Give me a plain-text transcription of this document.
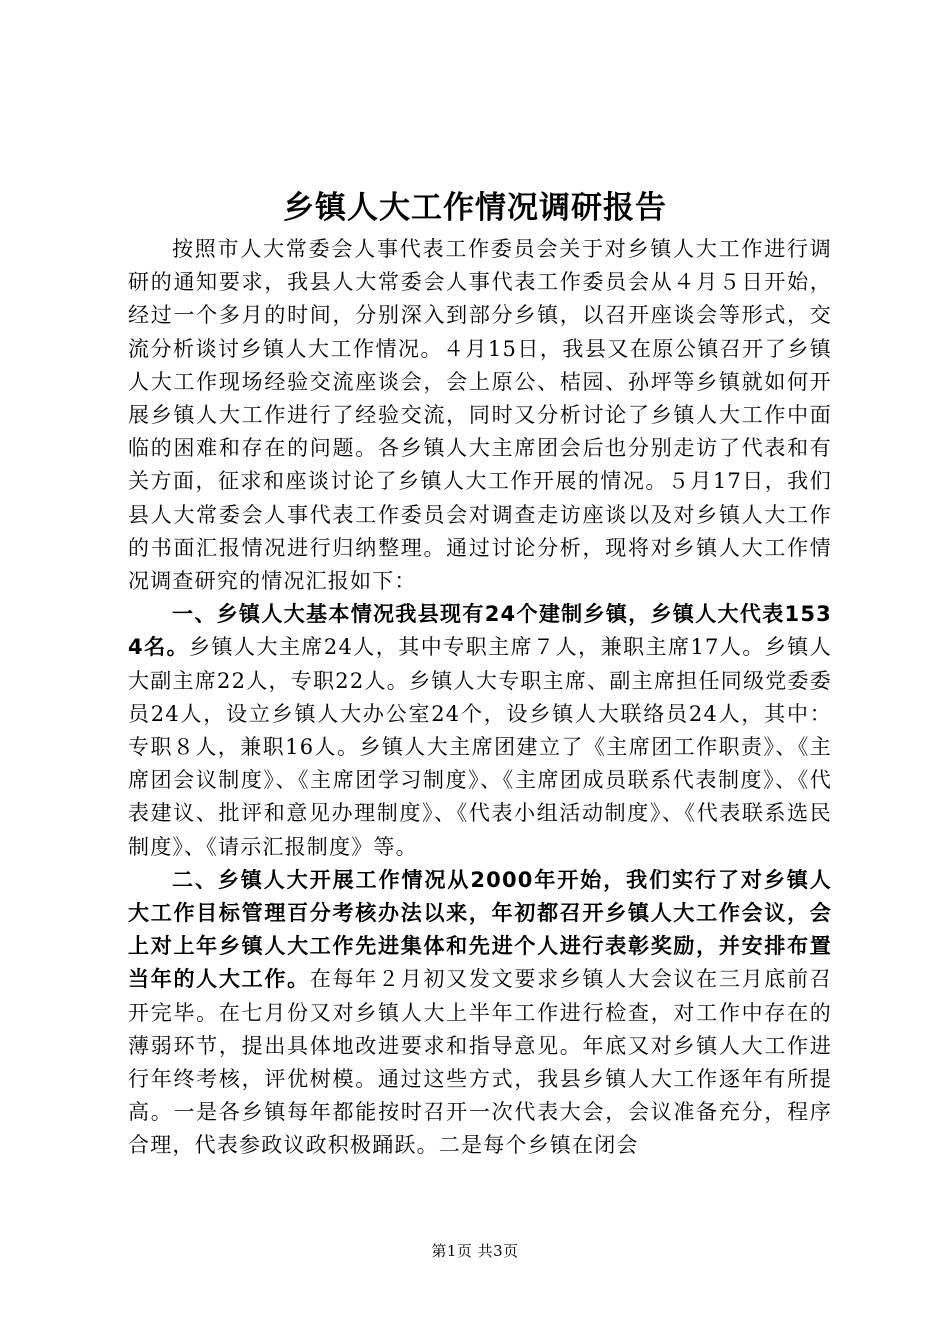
乡镇人大工作情况调研报告

按照市人大常委会人事代表工作委员会关于对乡镇人大工作进行调研的通知要求，我县人大常委会人事代表工作委员会从４月５日开始，经过一个多月的时间，分别深入到部分乡镇，以召开座谈会等形式，交流分析谈讨乡镇人大工作情况。４月15日，我县又在原公镇召开了乡镇人大工作现场经验交流座谈会，会上原公、桔园、孙坪等乡镇就如何开展乡镇人大工作进行了经验交流，同时又分析讨论了乡镇人大工作中面临的困难和存在的问题。各乡镇人大主席团会后也分别走访了代表和有关方面，征求和座谈讨论了乡镇人大工作开展的情况。５月17日，我们县人大常委会人事代表工作委员会对调查走访座谈以及对乡镇人大工作的书面汇报情况进行归纳整理。通过讨论分析，现将对乡镇人大工作情况调查研究的情况汇报如下：

一、乡镇人大基本情况我县现有24个建制乡镇，乡镇人大代表1534名。乡镇人大主席24人，其中专职主席７人，兼职主席17人。乡镇人大副主席22人，专职22人。乡镇人大专职主席、副主席担任同级党委委员24人，设立乡镇人大办公室24个，设乡镇人大联络员24人，其中：专职８人，兼职16人。乡镇人大主席团建立了《主席团工作职责》、《主席团会议制度》、《主席团学习制度》、《主席团成员联系代表制度》、《代表建议、批评和意见办理制度》、《代表小组活动制度》、《代表联系选民制度》、《请示汇报制度》等。

二、乡镇人大开展工作情况从2000年开始，我们实行了对乡镇人大工作目标管理百分考核办法以来，年初都召开乡镇人大工作会议，会上对上年乡镇人大工作先进集体和先进个人进行表彰奖励，并安排布置当年的人大工作。在每年２月初又发文要求乡镇人大会议在三月底前召开完毕。在七月份又对乡镇人大上半年工作进行检查，对工作中存在的薄弱环节，提出具体地改进要求和指导意见。年底又对乡镇人大工作进行年终考核，评优树模。通过这些方式，我县乡镇人大工作逐年有所提高。一是各乡镇每年都能按时召开一次代表大会，会议准备充分，程序合理，代表参政议政积极踊跃。二是每个乡镇在闭会

第1页 共3页
